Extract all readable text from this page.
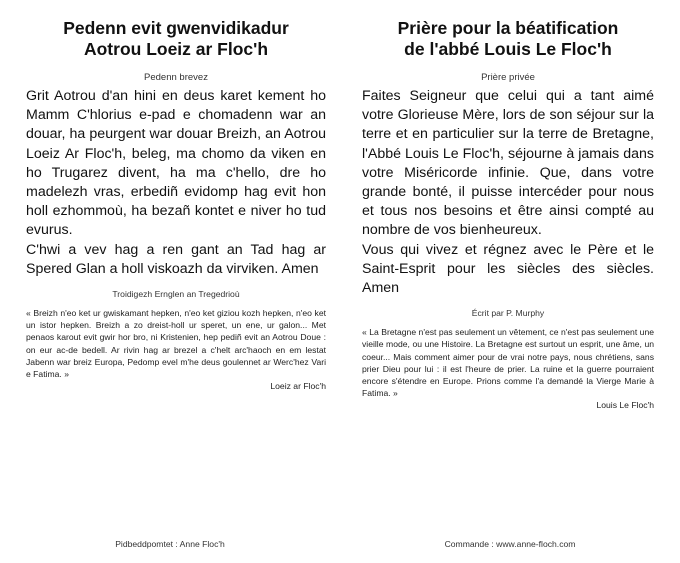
Pedenn evit gwenvidikadur
Aotrou Loeiz ar Floc'h
Pedenn brevez

Grit Aotrou d'an hini en deus karet kement ho Mamm C'hlorius e-pad e chomadenn war an douar, ha peurgent war douar Breizh, an Aotrou Loeiz Ar Floc'h, beleg, ma chomo da viken en ho Trugarez divent, ha ma c'hello, dre ho madelezh vras, erbediñ evidomp hag evit hon holl ezhommoù, ha bezañ kontet e niver ho tud evurus.

C'hwi a vev hag a ren gant an Tad hag ar Spered Glan a holl viskoazh da virviken. Amen

Troidigezh Ernglen an Tregedrioù
« Breizh n'eo ket ur gwiskamant hepken, n'eo ket giziou kozh hepken, n'eo ket un istor hepken. Breizh a zo dreist-holl ur speret, un ene, ur galon... Met penaos karout evit gwir hor bro, ni Kristenien, hep pediñ evit an Aotrou Doue : on eur ac-de bedell. Ar rivin hag ar brezel a c'helt arc'haoch en em lestat Jabenn war breiz Europa, Pedomp evel m'he deus goulennet ar Werc'hez Vari e Fatima. »
Loeiz ar Floc'h
Pidbeddpomtet : Anne Floc'h
Prière pour la béatification
de l'abbé Louis Le Floc'h
Prière privée

Faites Seigneur que celui qui a tant aimé votre Glorieuse Mère, lors de son séjour sur la terre et en particulier sur la terre de Bretagne, l'Abbé Louis Le Floc'h, séjourne à jamais dans votre Miséricorde infinie. Que, dans votre grande bonté, il puisse intercéder pour nous et tous nos besoins et être ainsi compté au nombre de vos bienheureux.

Vous qui vivez et régnez avec le Père et le Saint-Esprit pour les siècles des siècles. Amen

Écrit par P. Murphy
« La Bretagne n'est pas seulement un vêtement, ce n'est pas seulement une vieille mode, ou une Histoire. La Bretagne est surtout un esprit, une âme, un coeur... Mais comment aimer pour de vrai notre pays, nous chrétiens, sans prier Dieu pour lui : il est l'heure de prier. La ruine et la guerre pourraient encore s'étendre en Europe. Prions comme l'a demandé la Vierge Marie à Fatima. »
Louis Le Floc'h
Commande : www.anne-floch.com
